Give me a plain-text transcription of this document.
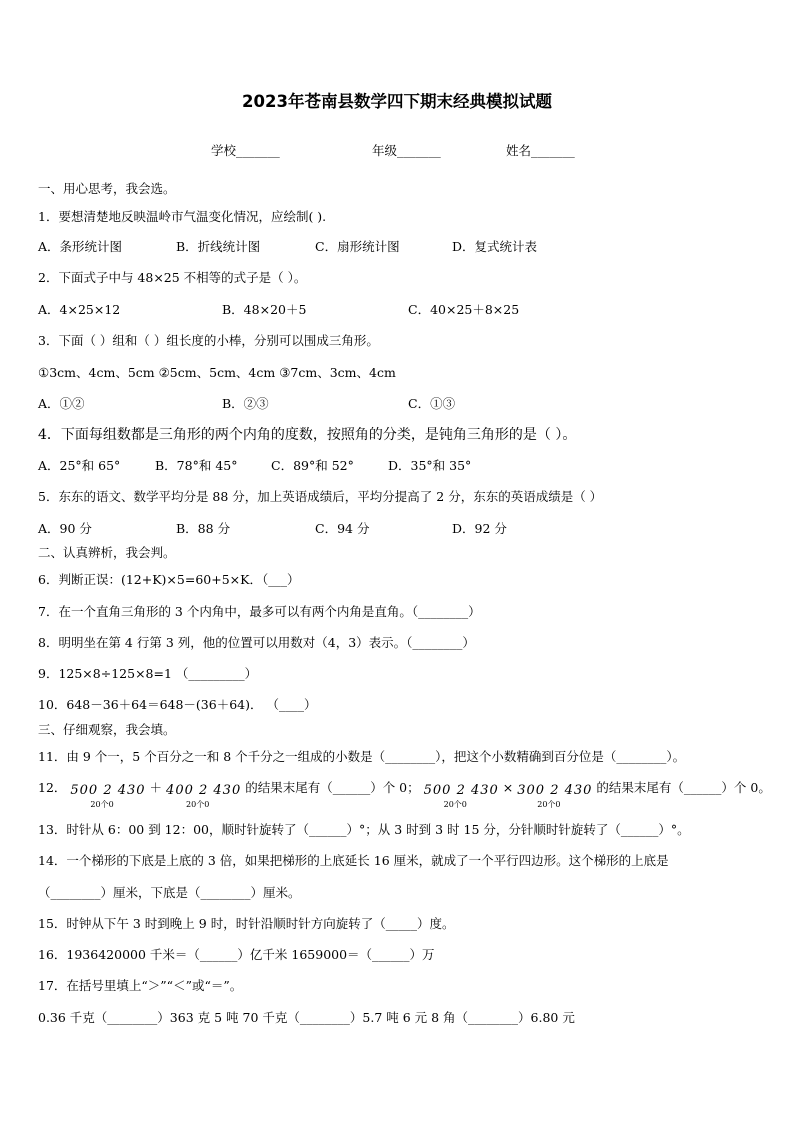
2023年苍南县数学四下期末经典模拟试题
学校_______	年级_______	姓名_______
一、用心思考，我会选。
1．要想清楚地反映温岭市气温变化情况，应绘制( ).
A．条形统计图	B．折线统计图	C．扇形统计图	D．复式统计表
2．下面式子中与 48×25 不相等的式子是（ ）。
A．4×25×12	B．48×20＋5	C．40×25＋8×25
3．下面（ ）组和（ ）组长度的小棒，分别可以围成三角形。
①3cm、4cm、5cm ②5cm、5cm、4cm ③7cm、3cm、4cm
A．①②	B．②③	C．①③
4．下面每组数都是三角形的两个内角的度数，按照角的分类，是钝角三角形的是（ ）。
A．25°和 65°	B．78°和 45°	C．89°和 52°	D．35°和 35°
5．东东的语文、数学平均分是 88 分，加上英语成绩后，平均分提高了 2 分，东东的英语成绩是（ ）
A．90 分	B．88 分	C．94 分	D．92 分
二、认真辨析，我会判。
6．判断正误：(12+K)×5=60+5×K．（___）
7．在一个直角三角形的 3 个内角中，最多可以有两个内角是直角。（________）
8．明明坐在第 4 行第 3 列，他的位置可以用数对（4，3）表示。（________）
9．125×8÷125×8=1 （_________）
10．648－36＋64＝648－(36＋64)． （____）
三、仔细观察，我会填。
11．由 9 个一，5 个百分之一和 8 个千分之一组成的小数是（________），把这个小数精确到百分位是（________）。
12． 500 2 430
20个0
＋ 400 2 430
20个0
的结果末尾有（______）个 0； 500 2 430
20个0
× 300 2 430
20个0
的结果末尾有（______）个 0。
13．时针从 6：00 到 12：00，顺时针旋转了（______）°；从 3 时到 3 时 15 分，分针顺时针旋转了（______）°。
14．一个梯形的下底是上底的 3 倍，如果把梯形的上底延长 16 厘米，就成了一个平行四边形。这个梯形的上底是
（________）厘米，下底是（________）厘米。
15．时钟从下午 3 时到晚上 9 时，时针沿顺时针方向旋转了（_____）度。
16．1936420000 千米＝（______）亿千米 1659000＝（______）万
17．在括号里填上“＞”“＜”或“＝”。
0.36 千克（________）363 克 5 吨 70 千克（________）5.7 吨 6 元 8 角（________）6.80 元
